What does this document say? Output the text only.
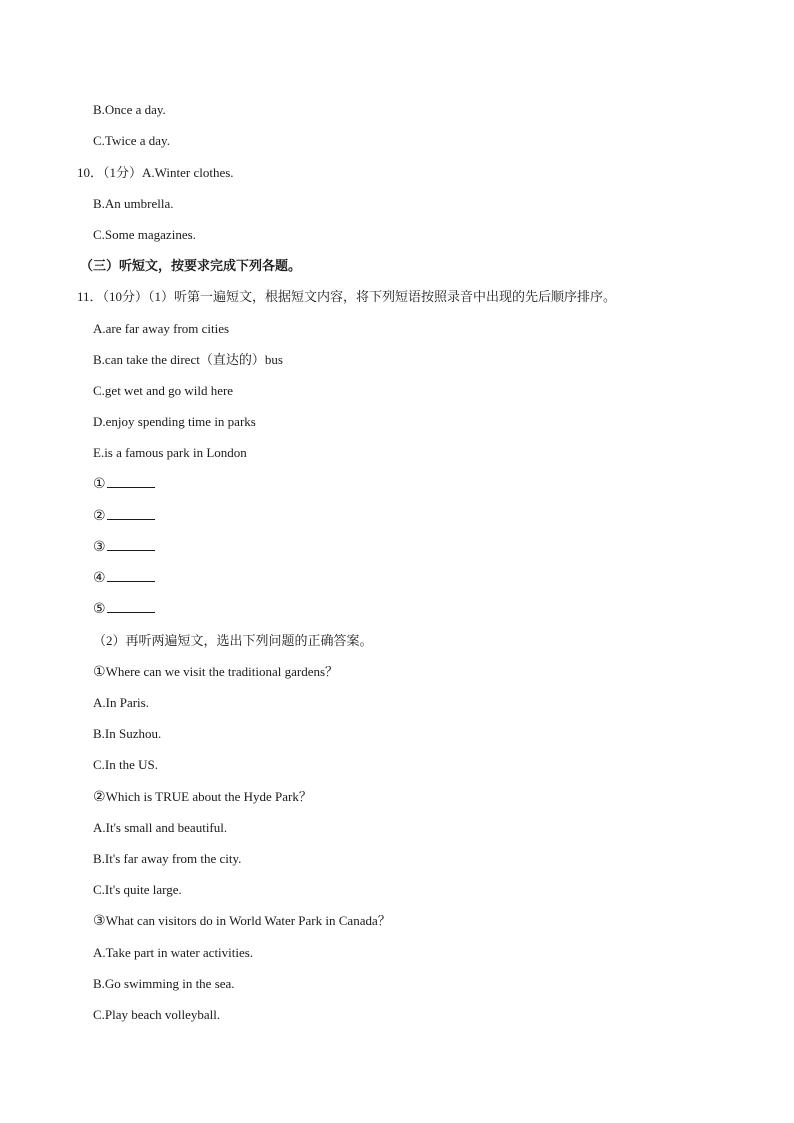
B.Once a day.
C.Twice a day.
10．（1分）A.Winter clothes.
B.An umbrella.
C.Some magazines.
（三）听短文，按要求完成下列各题。
11．（10分）（1）听第一遍短文，根据短文内容，将下列短语按照录音中出现的先后顺序排序。
A.are far away from cities
B.can take the direct（直达的）bus
C.get wet and go wild here
D.enjoy spending time in parks
E.is a famous park in London
①
②
③
④
⑤
（2）再听两遍短文，选出下列问题的正确答案。
①Where can we visit the traditional gardens？
A.In Paris.
B.In Suzhou.
C.In the US.
②Which is TRUE about the Hyde Park？
A.It's small and beautiful.
B.It's far away from the city.
C.It's quite large.
③What can visitors do in World Water Park in Canada？
A.Take part in water activities.
B.Go swimming in the sea.
C.Play beach volleyball.
